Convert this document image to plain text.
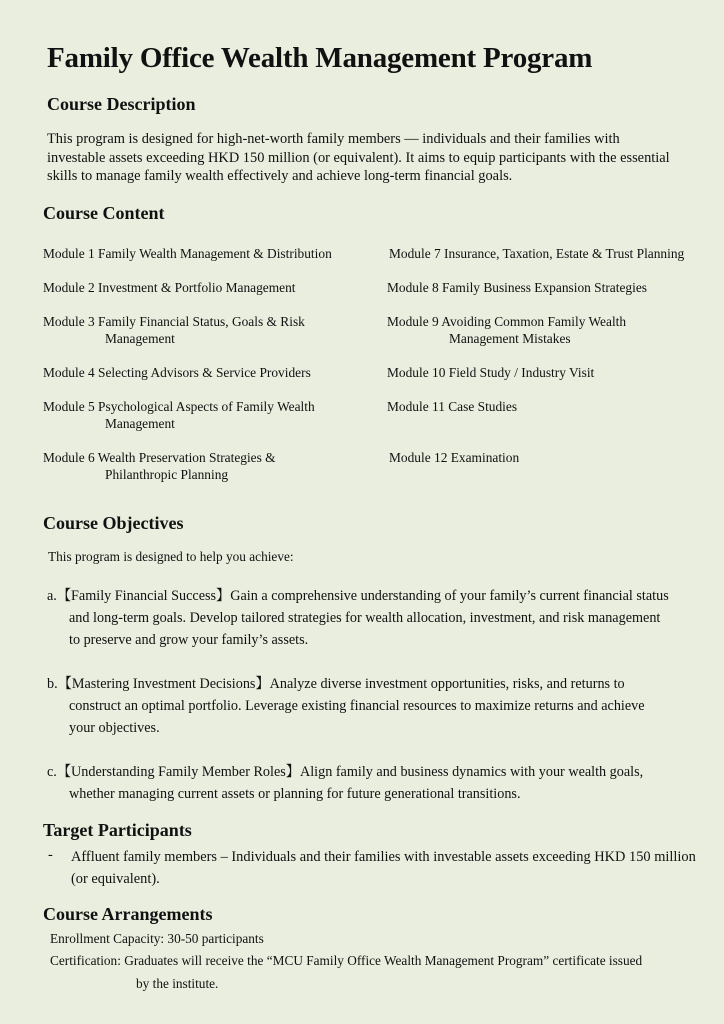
Family Office Wealth Management Program
Course Description
This program is designed for high-net-worth family members — individuals and their families with
investable assets exceeding HKD 150 million (or equivalent). It aims to equip participants with the essential
skills to manage family wealth effectively and achieve long-term financial goals.
Course Content
Module 1 Family Wealth Management & Distribution
Module 2 Investment & Portfolio Management
Module 3 Family Financial Status, Goals & Risk
Management
Module 4 Selecting Advisors & Service Providers
Module 5 Psychological Aspects of Family Wealth
Management
Module 6 Wealth Preservation Strategies &
Philanthropic Planning
Module 7 Insurance, Taxation, Estate & Trust Planning
Module 8 Family Business Expansion Strategies
Module 9 Avoiding Common Family Wealth
Management Mistakes
Module 10 Field Study / Industry Visit
Module 11 Case Studies
Module 12 Examination
Course Objectives
This program is designed to help you achieve:
a.【Family Financial Success】Gain a comprehensive understanding of your family’s current financial status
and long-term goals. Develop tailored strategies for wealth allocation, investment, and risk management
to preserve and grow your family’s assets.
b.【Mastering Investment Decisions】Analyze diverse investment opportunities, risks, and returns to
construct an optimal portfolio. Leverage existing financial resources to maximize returns and achieve
your objectives.
c.【Understanding Family Member Roles】Align family and business dynamics with your wealth goals,
whether managing current assets or planning for future generational transitions.
Target Participants
- Affluent family members – Individuals and their families with investable assets exceeding HKD 150 million
(or equivalent).
Course Arrangements
Enrollment Capacity: 30-50 participants
Certification: Graduates will receive the “MCU Family Office Wealth Management Program” certificate issued
by the institute.
